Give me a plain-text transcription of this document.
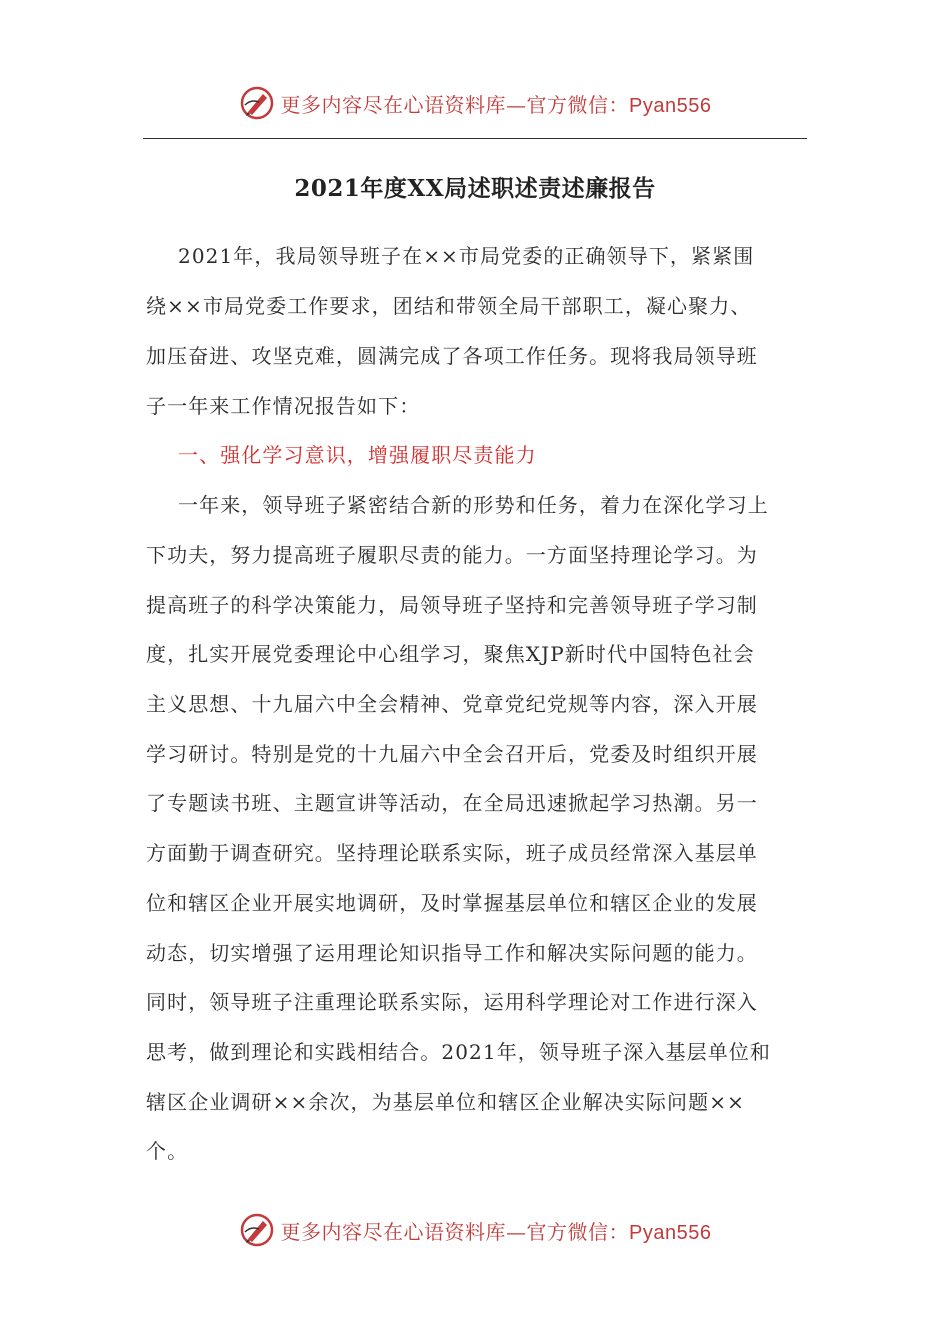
更多内容尽在心语资料库—官方微信：Pyan556
2021年度XX局述职述责述廉报告
2021年，我局领导班子在××市局党委的正确领导下，紧紧围
绕××市局党委工作要求，团结和带领全局干部职工，凝心聚力、
加压奋进、攻坚克难，圆满完成了各项工作任务。现将我局领导班
子一年来工作情况报告如下：
一、强化学习意识，增强履职尽责能力
一年来，领导班子紧密结合新的形势和任务，着力在深化学习上
下功夫，努力提高班子履职尽责的能力。一方面坚持理论学习。为
提高班子的科学决策能力，局领导班子坚持和完善领导班子学习制
度，扎实开展党委理论中心组学习，聚焦XJP新时代中国特色社会
主义思想、十九届六中全会精神、党章党纪党规等内容，深入开展
学习研讨。特别是党的十九届六中全会召开后，党委及时组织开展
了专题读书班、主题宣讲等活动，在全局迅速掀起学习热潮。另一
方面勤于调查研究。坚持理论联系实际，班子成员经常深入基层单
位和辖区企业开展实地调研，及时掌握基层单位和辖区企业的发展
动态，切实增强了运用理论知识指导工作和解决实际问题的能力。
同时，领导班子注重理论联系实际，运用科学理论对工作进行深入
思考，做到理论和实践相结合。2021年，领导班子深入基层单位和
辖区企业调研××余次，为基层单位和辖区企业解决实际问题××
个。
更多内容尽在心语资料库—官方微信：Pyan556
